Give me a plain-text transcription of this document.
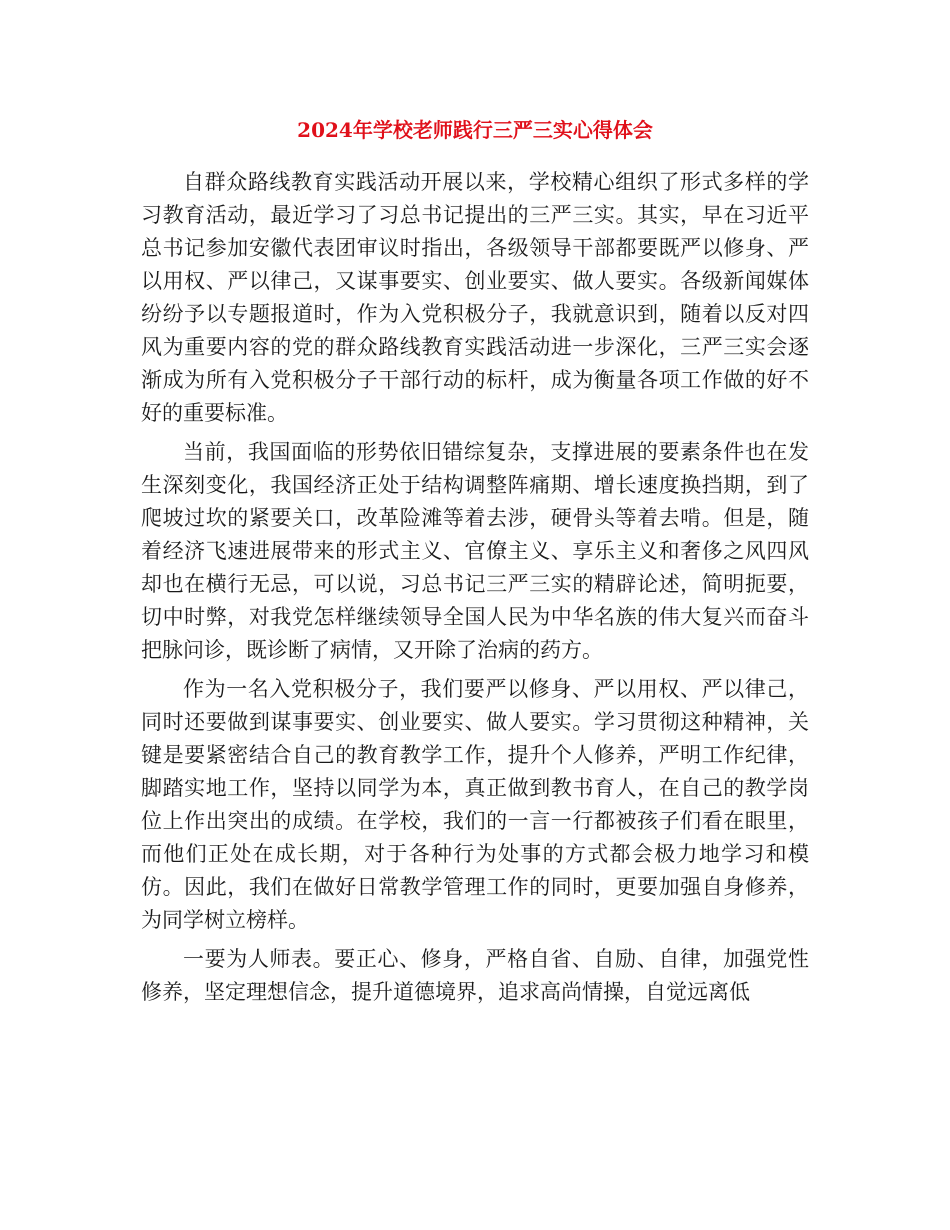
2024年学校老师践行三严三实心得体会

自群众路线教育实践活动开展以来，学校精心组织了形式多样的学习教育活动，最近学习了习总书记提出的三严三实。其实，早在习近平总书记参加安徽代表团审议时指出，各级领导干部都要既严以修身、严以用权、严以律己，又谋事要实、创业要实、做人要实。各级新闻媒体纷纷予以专题报道时，作为入党积极分子，我就意识到，随着以反对四风为重要内容的党的群众路线教育实践活动进一步深化，三严三实会逐渐成为所有入党积极分子干部行动的标杆，成为衡量各项工作做的好不好的重要标准。

当前，我国面临的形势依旧错综复杂，支撑进展的要素条件也在发生深刻变化，我国经济正处于结构调整阵痛期、增长速度换挡期，到了爬坡过坎的紧要关口，改革险滩等着去涉，硬骨头等着去啃。但是，随着经济飞速进展带来的形式主义、官僚主义、享乐主义和奢侈之风四风却也在横行无忌，可以说，习总书记三严三实的精辟论述，简明扼要，切中时弊，对我党怎样继续领导全国人民为中华名族的伟大复兴而奋斗把脉问诊，既诊断了病情，又开除了治病的药方。

作为一名入党积极分子，我们要严以修身、严以用权、严以律己，同时还要做到谋事要实、创业要实、做人要实。学习贯彻这种精神，关键是要紧密结合自己的教育教学工作，提升个人修养，严明工作纪律，脚踏实地工作，坚持以同学为本，真正做到教书育人，在自己的教学岗位上作出突出的成绩。在学校，我们的一言一行都被孩子们看在眼里，而他们正处在成长期，对于各种行为处事的方式都会极力地学习和模仿。因此，我们在做好日常教学管理工作的同时，更要加强自身修养，为同学树立榜样。

一要为人师表。要正心、修身，严格自省、自励、自律，加强党性修养，坚定理想信念，提升道德境界，追求高尚情操，自觉远离低
